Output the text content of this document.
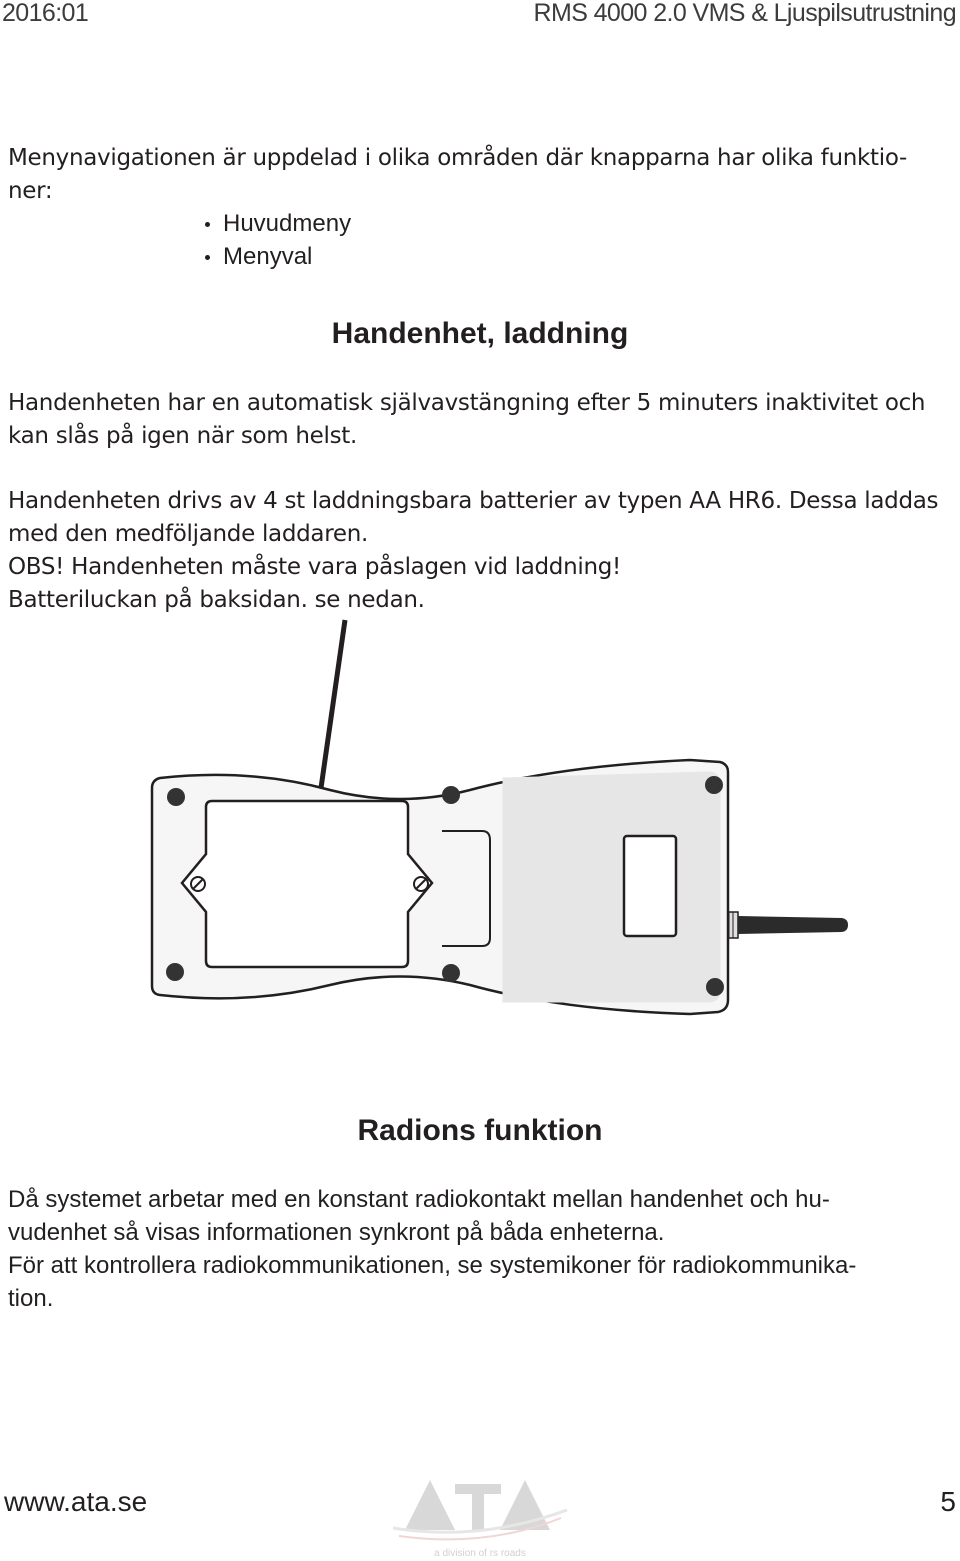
2016:01	RMS 4000 2.0 VMS & Ljuspilsutrustning

Menynavigationen är uppdelad i olika områden där knapparna har olika funktio-

ner:

Huvudmeny
Menyval
Handenhet, laddning

Handenheten har en automatisk självavstängning efter 5 minuters inaktivitet och

kan slås på igen när som helst.

Handenheten drivs av 4 st laddningsbara batterier av typen AA HR6. Dessa laddas

med den medföljande laddaren.

OBS! Handenheten måste vara påslagen vid laddning!

Batteriluckan på baksidan. se nedan.

Radions funktion

Då systemet arbetar med en konstant radiokontakt mellan handenhet och hu-

vudenhet så visas informationen synkront på båda enheterna.

För att kontrollera radiokommunikationen, se systemikoner för radiokommunika-

tion.

www.ata.se
a division of rs roads
5
